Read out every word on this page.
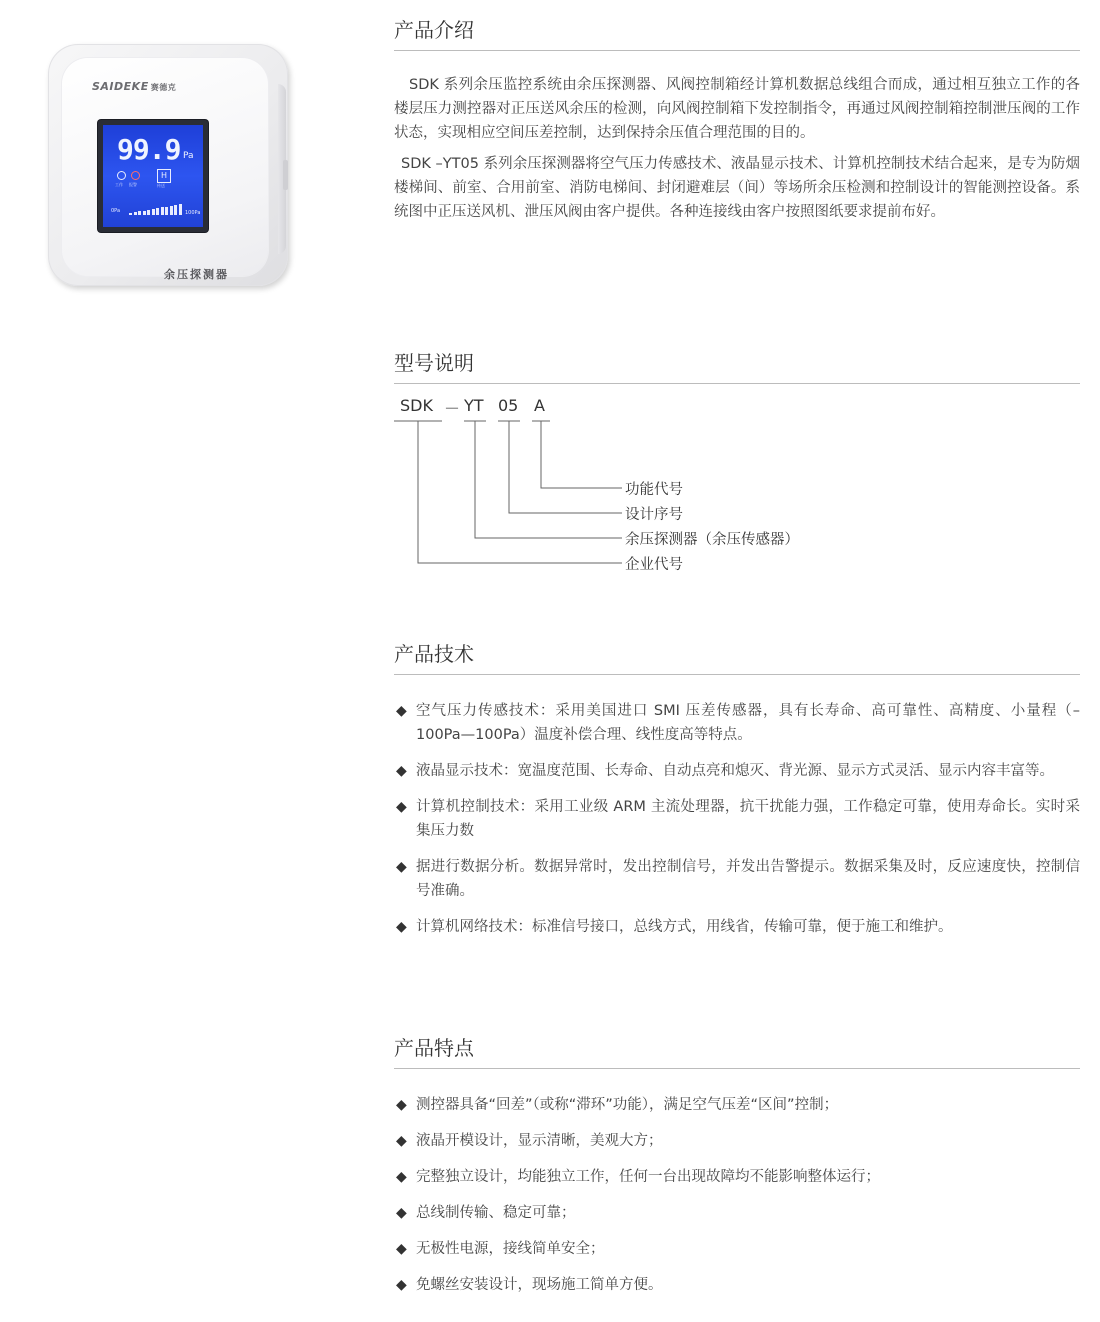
SAIDEKE 赛德克
99.9 Pa
H
工作 报警	传送
0Pa	100Pa
余压探测器
产品介绍

SDK 系列余压监控系统由余压探测器、风阀控制箱经计算机数据总线组合而成，通过相互独立工作的各楼层压力测控器对正压送风余压的检测，向风阀控制箱下发控制指令，再通过风阀控制箱控制泄压阀的工作状态，实现相应空间压差控制，达到保持余压值合理范围的目的。

SDK –YT05 系列余压探测器将空气压力传感技术、液晶显示技术、计算机控制技术结合起来，是专为防烟楼梯间、前室、合用前室、消防电梯间、封闭避难层（间）等场所余压检测和控制设计的智能测控设备。系统图中正压送风机、泄压风阀由客户提供。各种连接线由客户按照图纸要求提前布好。

型号说明
SDK － YT 05 A
功能代号
设计序号
余压探测器（余压传感器）
企业代号
产品技术
◆ 空气压力传感技术：采用美国进口 SMI 压差传感器，具有长寿命、高可靠性、高精度、小量程（–100Pa—100Pa）温度补偿合理、线性度高等特点。
◆ 液晶显示技术：宽温度范围、长寿命、自动点亮和熄灭、背光源、显示方式灵活、显示内容丰富等。
◆ 计算机控制技术：采用工业级 ARM 主流处理器，抗干扰能力强，工作稳定可靠，使用寿命长。实时采集压力数
◆ 据进行数据分析。数据异常时，发出控制信号，并发出告警提示。数据采集及时，反应速度快，控制信号准确。
◆ 计算机网络技术：标准信号接口，总线方式，用线省，传输可靠，便于施工和维护。
产品特点
◆ 测控器具备“回差”（或称“滞环”功能），满足空气压差“区间”控制；
◆ 液晶开模设计，显示清晰，美观大方；
◆ 完整独立设计，均能独立工作，任何一台出现故障均不能影响整体运行；
◆ 总线制传输、稳定可靠；
◆ 无极性电源，接线简单安全；
◆ 免螺丝安装设计，现场施工简单方便。
